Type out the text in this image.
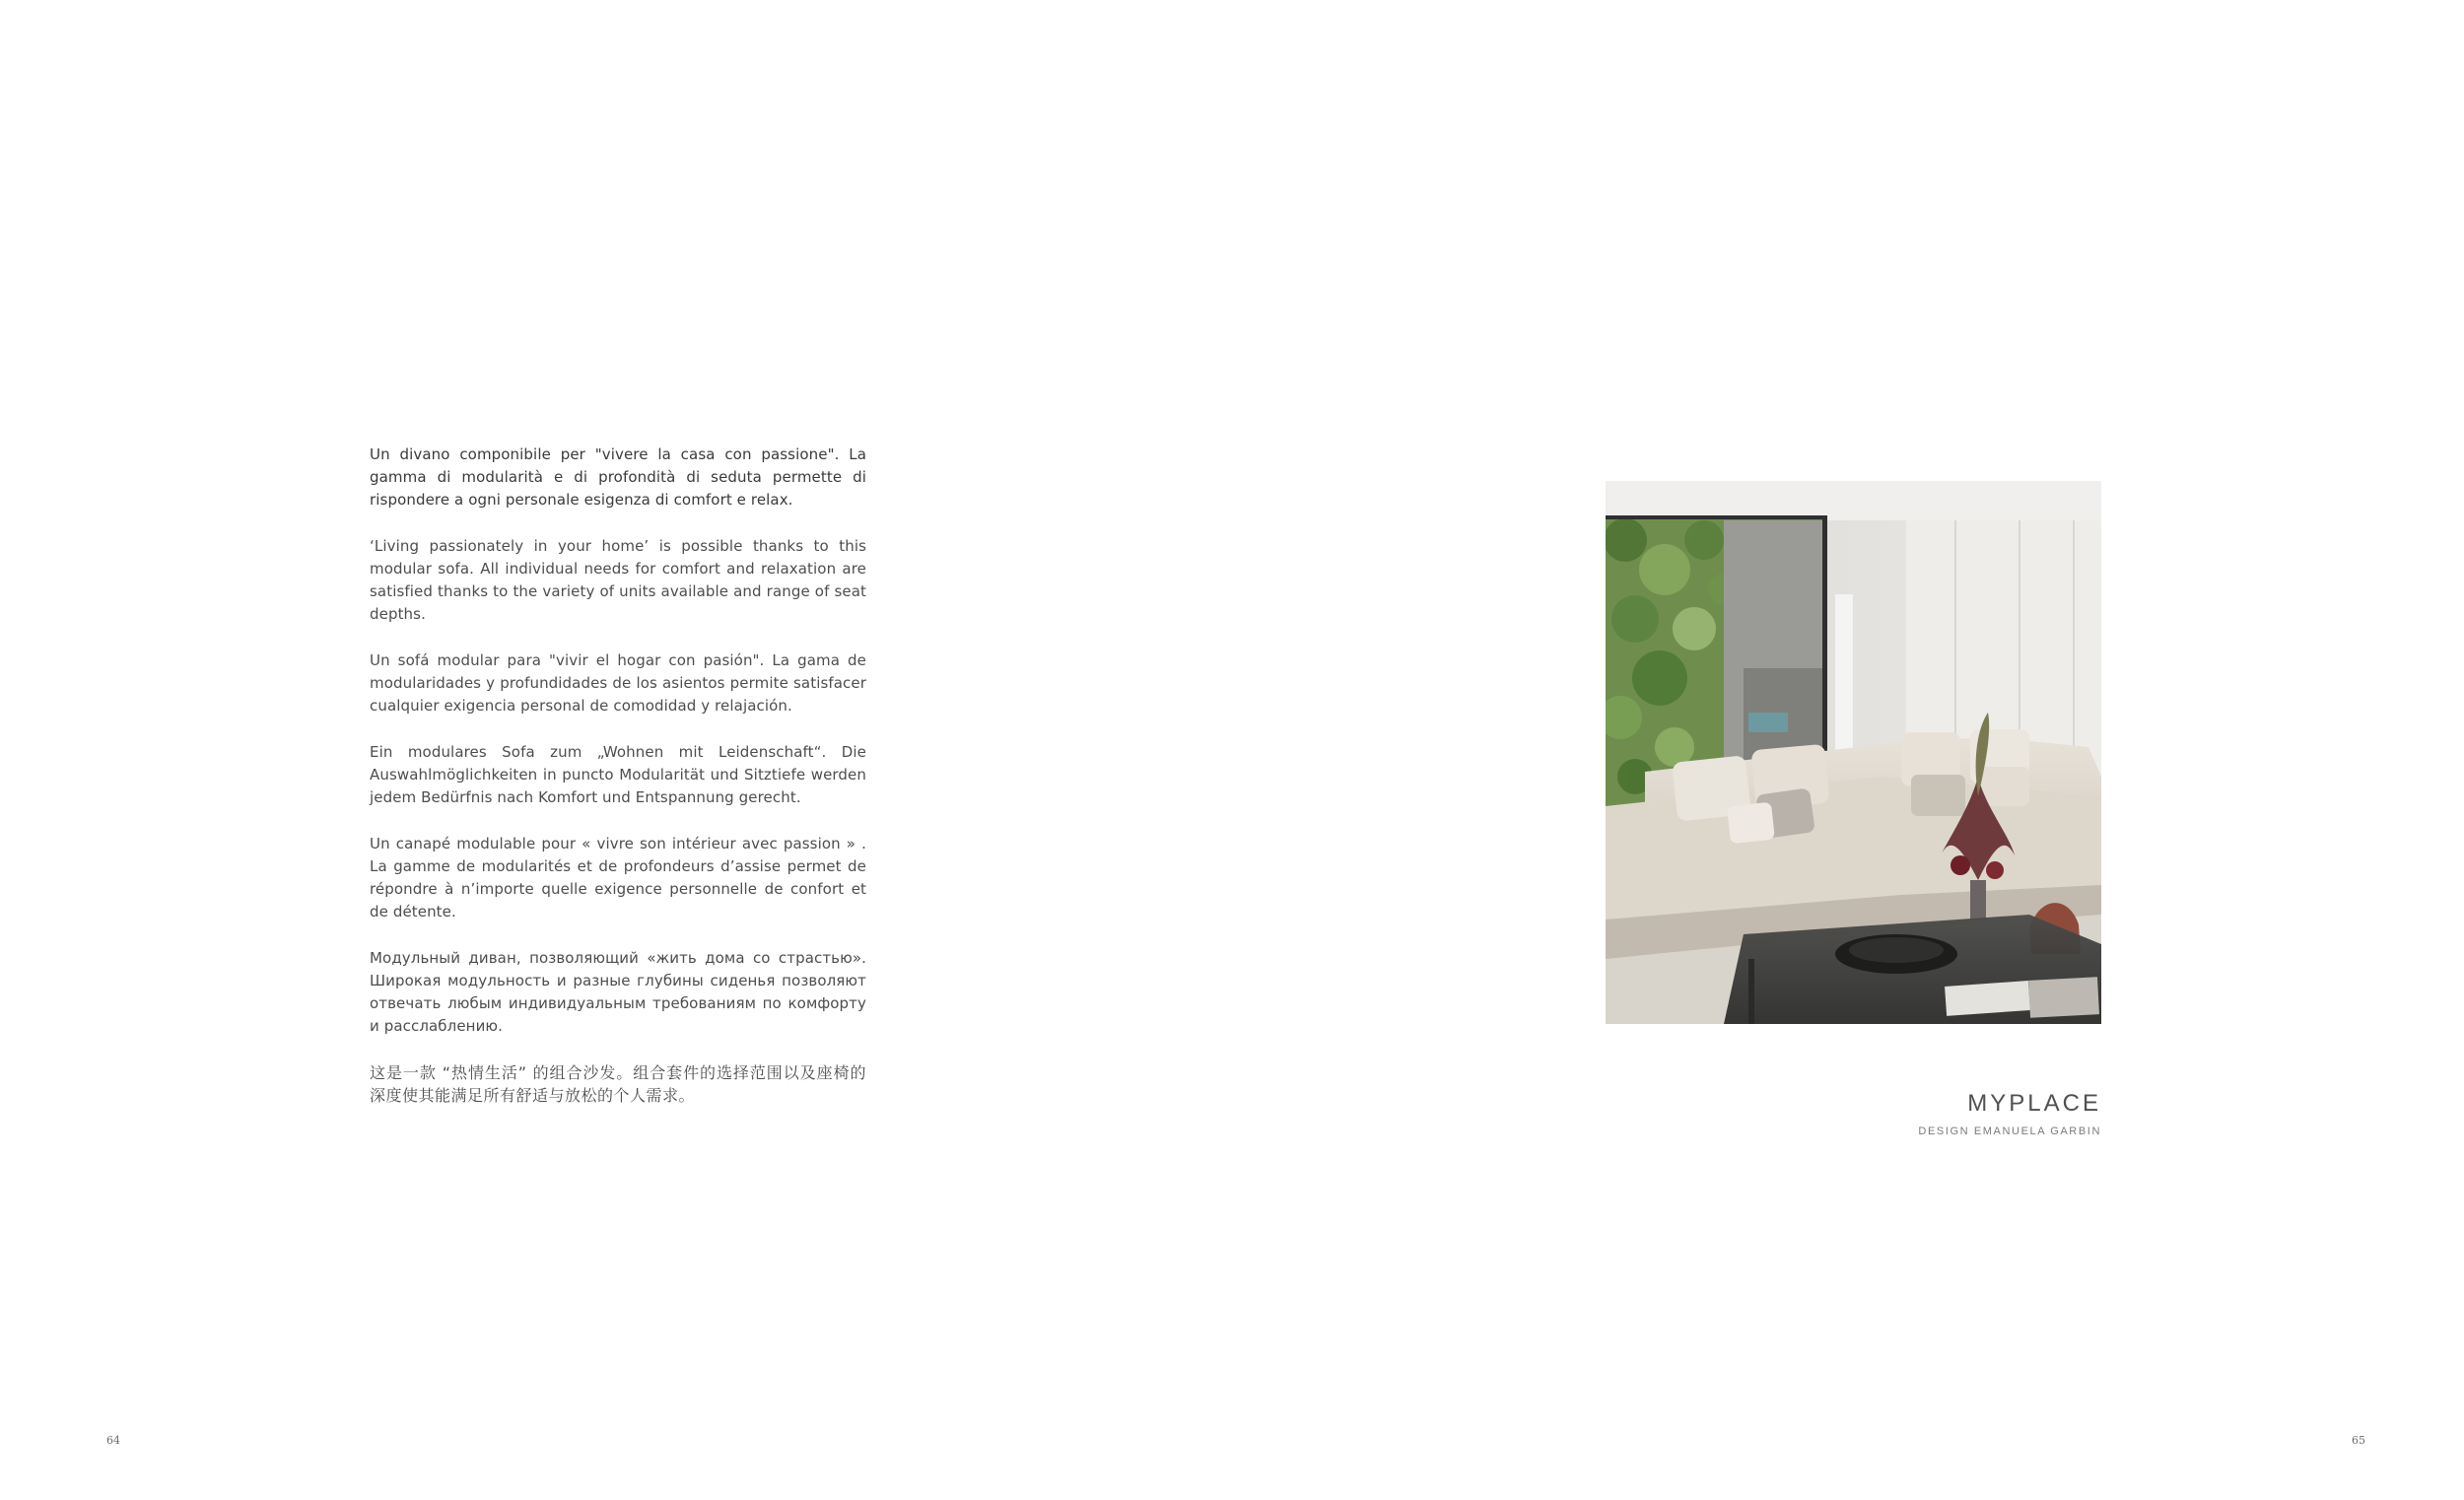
Un divano componibile per "vivere la casa con passione". La gamma di modularità e di profondità di seduta permette di rispondere a ogni personale esigenza di comfort e relax.

‘Living passionately in your home’ is possible thanks to this modular sofa. All individual needs for comfort and relaxation are satisfied thanks to the variety of units available and range of seat depths.

Un sofá modular para "vivir el hogar con pasión". La gama de modularidades y profundidades de los asientos permite satisfacer cualquier exigencia personal de comodidad y relajación.

Ein modulares Sofa zum „Wohnen mit Leidenschaft“. Die Auswahlmöglichkeiten in puncto Modularität und Sitztiefe werden jedem Bedürfnis nach Komfort und Entspannung gerecht.

Un canapé modulable pour « vivre son intérieur avec passion » . La gamme de modularités et de profondeurs d’assise permet de répondre à n’importe quelle exigence personnelle de confort et de détente.

Модульный диван, позволяющий «жить дома со страстью». Широкая модульность и разные глубины сиденья позволяют отвечать любым индивидуальным требованиям по комфорту и расслаблению.

这是一款 “热情生活” 的组合沙发。组合套件的选择范围以及座椅的深度使其能满足所有舒适与放松的个人需求。	MYPLACE
DESIGN EMANUELA GARBIN
64	65
